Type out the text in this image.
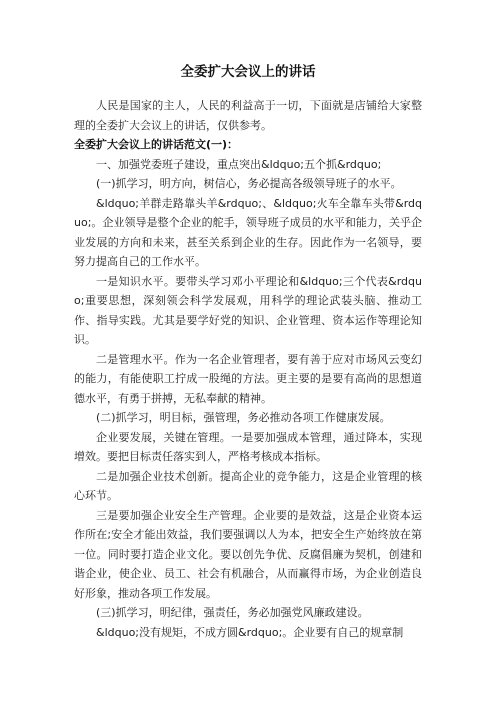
全委扩大会议上的讲话

人民是国家的主人，人民的利益高于一切，下面就是店铺给大家整理的全委扩大会议上的讲话，仅供参考。

全委扩大会议上的讲话范文(一)：

一、加强党委班子建设，重点突出&ldquo;五个抓&rdquo;

(一)抓学习，明方向，树信心，务必提高各级领导班子的水平。

&ldquo;羊群走路靠头羊&rdquo;、&ldquo;火车全靠车头带&rdquo;。企业领导是整个企业的舵手，领导班子成员的水平和能力，关乎企业发展的方向和未来，甚至关系到企业的生存。因此作为一名领导，要努力提高自己的工作水平。

一是知识水平。要带头学习邓小平理论和&ldquo;三个代表&rdquo;重要思想，深刻领会科学发展观，用科学的理论武装头脑、推动工作、指导实践。尤其是要学好党的知识、企业管理、资本运作等理论知识。

二是管理水平。作为一名企业管理者，要有善于应对市场风云变幻的能力，有能使职工拧成一股绳的方法。更主要的是要有高尚的思想道德水平，有勇于拼搏，无私奉献的精神。

(二)抓学习，明目标，强管理，务必推动各项工作健康发展。

企业要发展，关键在管理。一是要加强成本管理，通过降本，实现增效。要把目标责任落实到人，严格考核成本指标。

二是加强企业技术创新。提高企业的竞争能力，这是企业管理的核心环节。

三是要加强企业安全生产管理。企业要的是效益，这是企业资本运作所在;安全才能出效益，我们要强调以人为本，把安全生产始终放在第一位。同时要打造企业文化。要以创先争优、反腐倡廉为契机，创建和谐企业，使企业、员工、社会有机融合，从而赢得市场，为企业创造良好形象，推动各项工作发展。

(三)抓学习，明纪律，强责任，务必加强党风廉政建设。

&ldquo;没有规矩，不成方圆&rdquo;。企业要有自己的规章制
